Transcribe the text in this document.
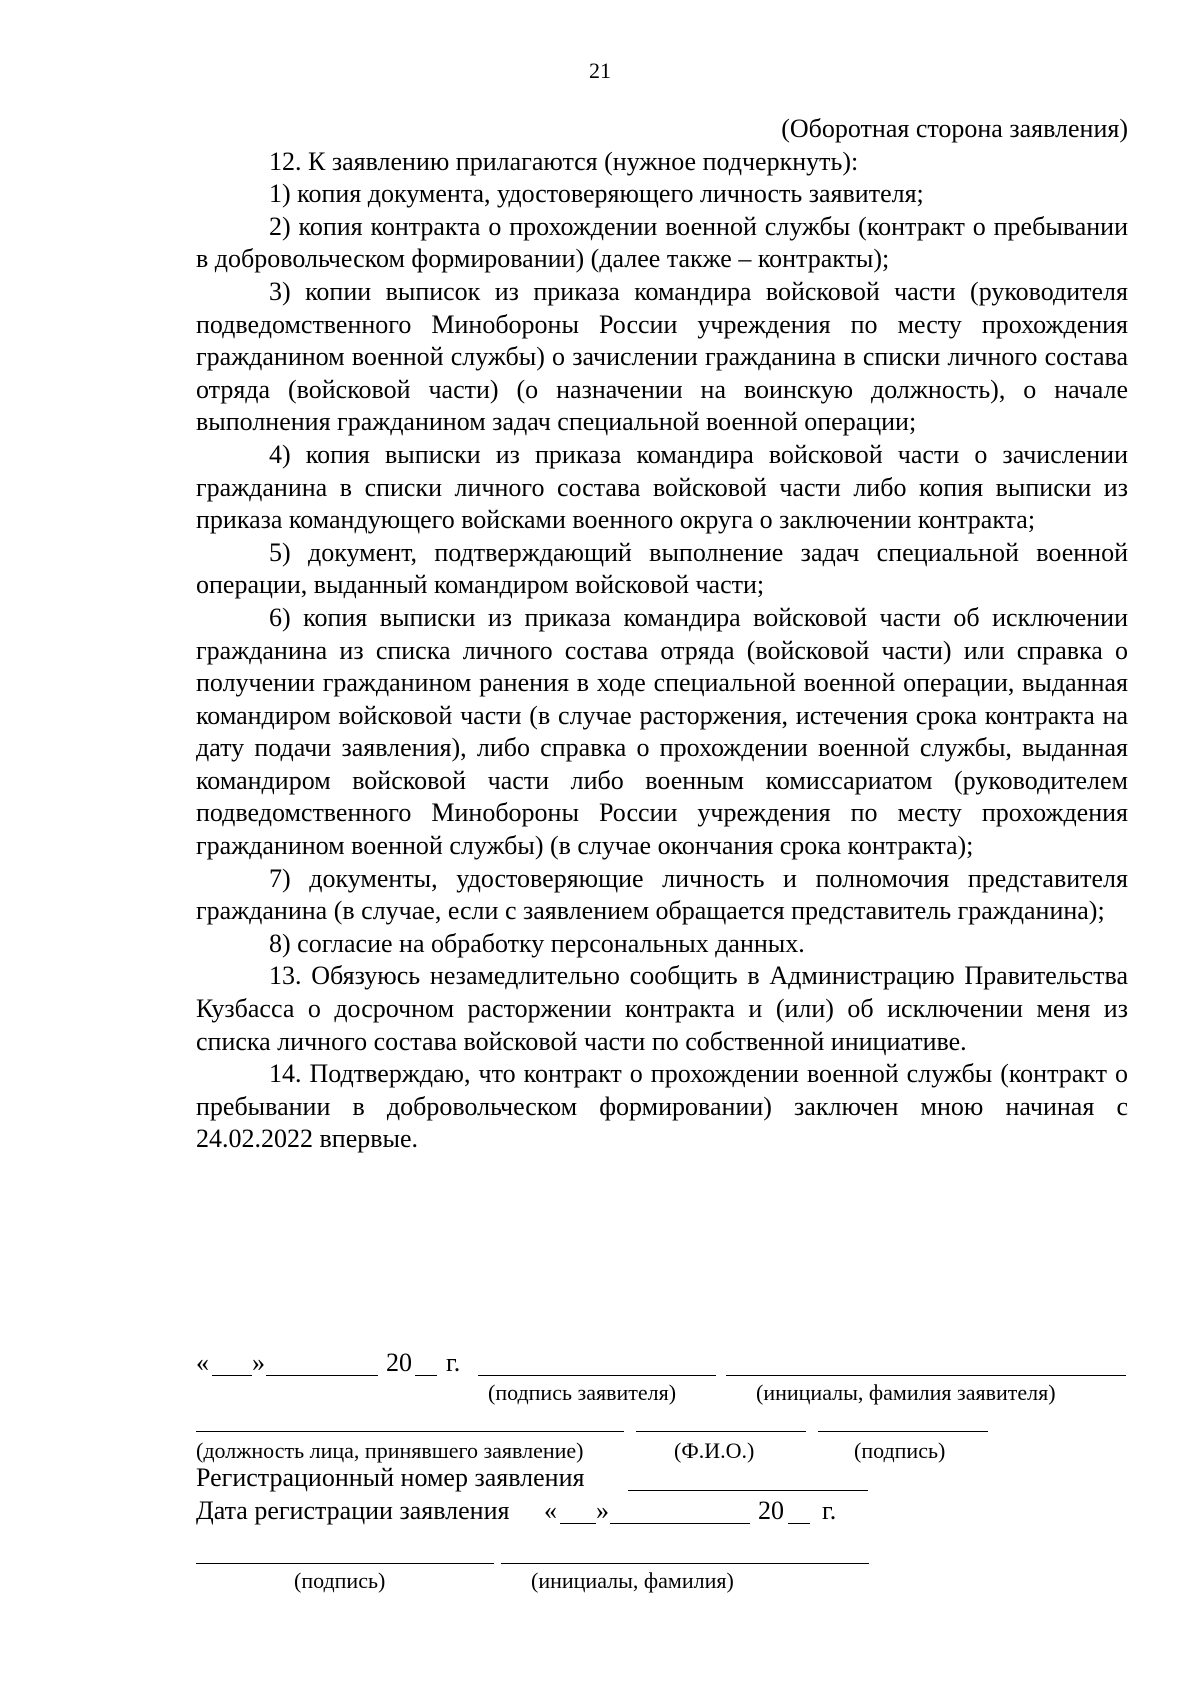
21
(Оборотная сторона заявления)

12. К заявлению прилагаются (нужное подчеркнуть):

1) копия документа, удостоверяющего личность заявителя;

2) копия контракта о прохождении военной службы (контракт о пребывании в добровольческом формировании) (далее также – контракты);

3) копии выписок из приказа командира войсковой части (руководителя подведомственного Минобороны России учреждения по месту прохождения гражданином военной службы) о зачислении гражданина в списки личного состава отряда (войсковой части) (о назначении на воинскую должность), о начале выполнения гражданином задач специальной военной операции;

4) копия выписки из приказа командира войсковой части о зачислении гражданина в списки личного состава войсковой части либо копия выписки из приказа командующего войсками военного округа о заключении контракта;

5) документ, подтверждающий выполнение задач специальной военной операции, выданный командиром войсковой части;

6) копия выписки из приказа командира войсковой части об исключении гражданина из списка личного состава отряда (войсковой части) или справка о получении гражданином ранения в ходе специальной военной операции, выданная командиром войсковой части (в случае расторжения, истечения срока контракта на дату подачи заявления), либо справка о прохождении военной службы, выданная командиром войсковой части либо военным комиссариатом (руководителем подведомственного Минобороны России учреждения по месту прохождения гражданином военной службы) (в случае окончания срока контракта);

7) документы, удостоверяющие личность и полномочия представителя гражданина (в случае, если с заявлением обращается представитель гражданина);

8) согласие на обработку персональных данных.

13. Обязуюсь незамедлительно сообщить в Администрацию Правительства Кузбасса о досрочном расторжении контракта и (или) об исключении меня из списка личного состава войсковой части по собственной инициативе.

14. Подтверждаю, что контракт о прохождении военной службы (контракт о пребывании в добровольческом формировании) заключен мною начиная с 24.02.2022 впервые.

« »	20 г.
(подпись заявителя)	(инициалы, фамилия заявителя)
(должность лица, принявшего заявление)	(Ф.И.О.)	(подпись)
Регистрационный номер заявления
Дата регистрации заявления « »	20 г.
(подпись)	(инициалы, фамилия)
